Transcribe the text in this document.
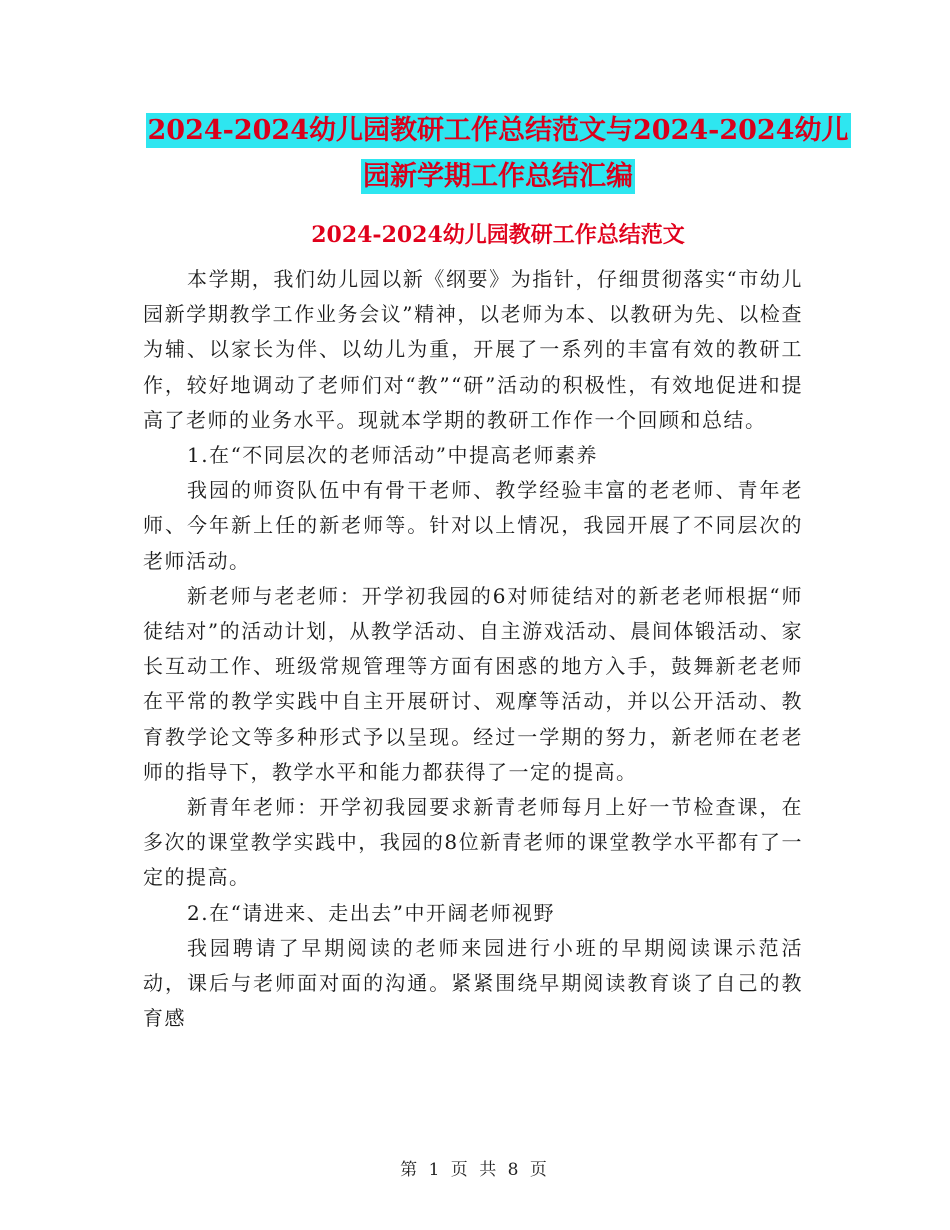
2024-2024幼儿园教研工作总结范文与2024-2024幼儿
园新学期工作总结汇编
2024-2024幼儿园教研工作总结范文

本学期，我们幼儿园以新《纲要》为指针，仔细贯彻落实“市幼儿园新学期教学工作业务会议”精神，以老师为本、以教研为先、以检查为辅、以家长为伴、以幼儿为重，开展了一系列的丰富有效的教研工作，较好地调动了老师们对“教”“研”活动的积极性，有效地促进和提高了老师的业务水平。现就本学期的教研工作作一个回顾和总结。

1.在“不同层次的老师活动”中提高老师素养

我园的师资队伍中有骨干老师、教学经验丰富的老老师、青年老师、今年新上任的新老师等。针对以上情况，我园开展了不同层次的老师活动。

新老师与老老师：开学初我园的6对师徒结对的新老老师根据“师徒结对”的活动计划，从教学活动、自主游戏活动、晨间体锻活动、家长互动工作、班级常规管理等方面有困惑的地方入手，鼓舞新老老师在平常的教学实践中自主开展研讨、观摩等活动，并以公开活动、教育教学论文等多种形式予以呈现。经过一学期的努力，新老师在老老师的指导下，教学水平和能力都获得了一定的提高。

新青年老师：开学初我园要求新青老师每月上好一节检查课，在多次的课堂教学实践中，我园的8位新青老师的课堂教学水平都有了一定的提高。

2.在“请进来、走出去”中开阔老师视野

我园聘请了早期阅读的老师来园进行小班的早期阅读课示范活动，课后与老师面对面的沟通。紧紧围绕早期阅读教育谈了自己的教育感

第 1 页 共 8 页
